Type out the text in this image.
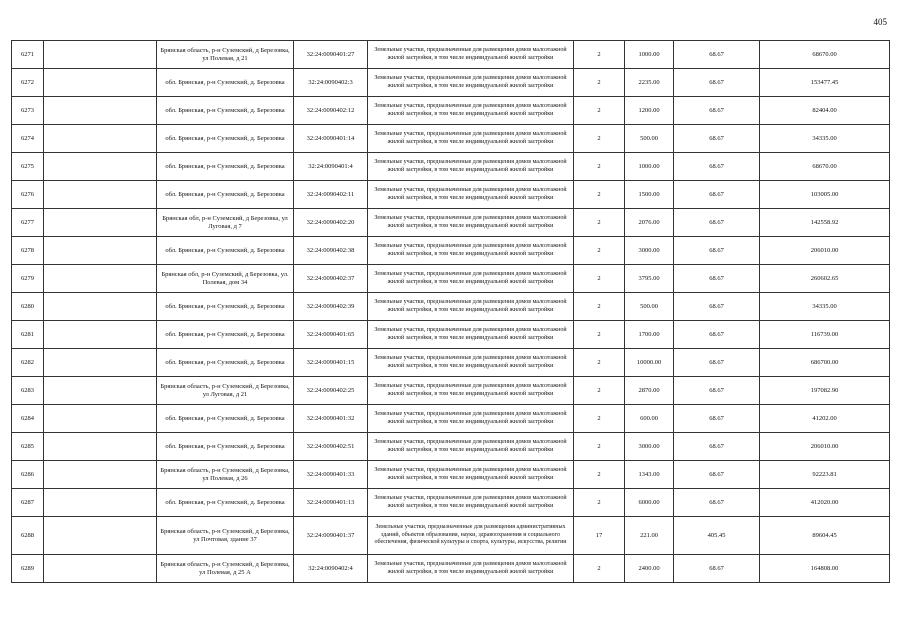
405
6271		Брянская область, р-н Суземский, д Березовка, ул Полевая, д 21	32:24:0090401:27	Земельные участки, предназначенные для размещения домов малоэтажной жилой застройки, в том числе индивидуальной жилой застройки	2	1000.00	68.67	68670.00
6272		обл. Брянская, р-н Суземский, д. Березовка	32:24:0090402:3	Земельные участки, предназначенные для размещения домов малоэтажной жилой застройки, в том числе индивидуальной жилой застройки	2	2235.00	68.67	153477.45
6273		обл. Брянская, р-н Суземский, д. Березовка	32:24:0090402:12	Земельные участки, предназначенные для размещения домов малоэтажной жилой застройки, в том числе индивидуальной жилой застройки	2	1200.00	68.67	82404.00
6274		обл. Брянская, р-н Суземский, д. Березовка	32:24:0090401:14	Земельные участки, предназначенные для размещения домов малоэтажной жилой застройки, в том числе индивидуальной жилой застройки	2	500.00	68.67	34335.00
6275		обл. Брянская, р-н Суземский, д. Березовка	32:24:0090401:4	Земельные участки, предназначенные для размещения домов малоэтажной жилой застройки, в том числе индивидуальной жилой застройки	2	1000.00	68.67	68670.00
6276		обл. Брянская, р-н Суземский, д. Березовка	32:24:0090402:11	Земельные участки, предназначенные для размещения домов малоэтажной жилой застройки, в том числе индивидуальной жилой застройки	2	1500.00	68.67	103005.00
6277		Брянская обл, р-н Суземский, д Березовка, ул Луговая, д 7	32:24:0090402:20	Земельные участки, предназначенные для размещения домов малоэтажной жилой застройки, в том числе индивидуальной жилой застройки	2	2076.00	68.67	142558.92
6278		обл. Брянская, р-н Суземский, д. Березовка	32:24:0090402:38	Земельные участки, предназначенные для размещения домов малоэтажной жилой застройки, в том числе индивидуальной жилой застройки	2	3000.00	68.67	206010.00
6279		Брянская обл, р-н Суземский, д Березовка, ул. Полевая, дом 34	32:24:0090402:37	Земельные участки, предназначенные для размещения домов малоэтажной жилой застройки, в том числе индивидуальной жилой застройки	2	3795.00	68.67	260602.65
6280		обл. Брянская, р-н Суземский, д. Березовка	32:24:0090402:39	Земельные участки, предназначенные для размещения домов малоэтажной жилой застройки, в том числе индивидуальной жилой застройки	2	500.00	68.67	34335.00
6281		обл. Брянская, р-н Суземский, д. Березовка	32:24:0090401:65	Земельные участки, предназначенные для размещения домов малоэтажной жилой застройки, в том числе индивидуальной жилой застройки	2	1700.00	68.67	116739.00
6282		обл. Брянская, р-н Суземский, д. Березовка	32:24:0090401:15	Земельные участки, предназначенные для размещения домов малоэтажной жилой застройки, в том числе индивидуальной жилой застройки	2	10000.00	68.67	686700.00
6283		Брянская область, р-н Суземский, д Березовка, ул Луговая, д 21	32:24:0090402:25	Земельные участки, предназначенные для размещения домов малоэтажной жилой застройки, в том числе индивидуальной жилой застройки	2	2870.00	68.67	197082.90
6284		обл. Брянская, р-н Суземский, д. Березовка	32:24:0090401:32	Земельные участки, предназначенные для размещения домов малоэтажной жилой застройки, в том числе индивидуальной жилой застройки	2	600.00	68.67	41202.00
6285		обл. Брянская, р-н Суземский, д. Березовка	32:24:0090402:51	Земельные участки, предназначенные для размещения домов малоэтажной жилой застройки, в том числе индивидуальной жилой застройки	2	3000.00	68.67	206010.00
6286		Брянская область, р-н Суземский, д Березовка, ул Полевая, д 26	32:24:0090401:33	Земельные участки, предназначенные для размещения домов малоэтажной жилой застройки, в том числе индивидуальной жилой застройки	2	1343.00	68.67	92223.81
6287		обл. Брянская, р-н Суземский, д. Березовка	32:24:0090401:13	Земельные участки, предназначенные для размещения домов малоэтажной жилой застройки, в том числе индивидуальной жилой застройки	2	6000.00	68.67	412020.00
6288		Брянская область, р-н Суземский, д Березовка, ул Почтовая, здание 37	32:24:0090401:37	Земельные участки, предназначенные для размещения административных зданий, объектов образования, науки, здравоохранения и социального обеспечения, физической культуры и спорта, культуры, искусства, религии	17	221.00	405.45	89604.45
6289		Брянская область, р-н Суземский, д Березовка, ул Полевая, д 25 А	32:24:0090402:4	Земельные участки, предназначенные для размещения домов малоэтажной жилой застройки, в том числе индивидуальной жилой застройки	2	2400.00	68.67	164808.00
